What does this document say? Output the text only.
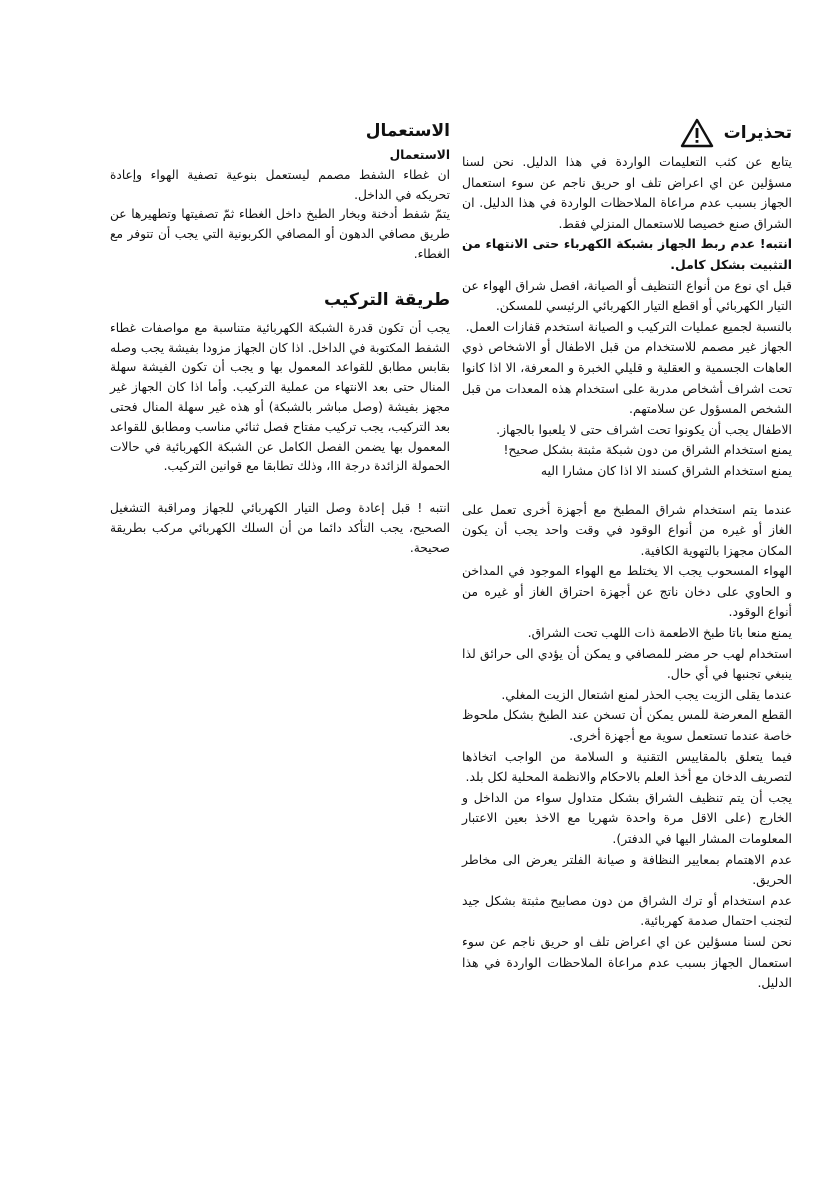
تحذيرات

يتابع عن كثب التعليمات الواردة في هذا الدليل. نحن لسنا مسؤلين عن اي اعراض تلف او حريق ناجم عن سوء استعمال الجهاز بسبب عدم مراعاة الملاحظات الواردة في هذا الدليل. ان الشراق صنع خصيصا للاستعمال المنزلي فقط.

انتبه! عدم ربط الجهاز بشبكة الكهرباء حتى الانتهاء من التثبيت بشكل كامل.

قبل اي نوع من أنواع التنظيف أو الصيانة، افصل شراق الهواء عن التيار الكهربائي أو اقطع التيار الكهربائي الرئيسي للمسكن.

بالنسبة لجميع عمليات التركيب و الصيانة استخدم قفازات العمل.

الجهاز غير مصمم للاستخدام من قبل الاطفال أو الاشخاص ذوي العاهات الجسمية و العقلية و قليلي الخبرة و المعرفة، الا اذا كانوا تحت اشراف أشخاص مدربة على استخدام هذه المعدات من قبل الشخص المسؤول عن سلامتهم.

الاطفال يجب أن يكونوا تحت اشراف حتى لا يلعبوا بالجهاز.

يمنع استخدام الشراق من دون شبكة مثبتة بشكل صحيح!

يمنع استخدام الشراق كسند الا اذا كان مشارا اليه

عندما يتم استخدام شراق المطبخ مع أجهزة أخرى تعمل على الغاز أو غيره من أنواع الوقود في وقت واحد يجب أن يكون المكان مجهزا بالتهوية الكافية.

الهواء المسحوب يجب الا يختلط مع الهواء الموجود في المداخن و الحاوي على دخان ناتج عن أجهزة احتراق الغاز أو غيره من أنواع الوقود.

يمنع منعا باتا طبخ الاطعمة ذات اللهب تحت الشراق.

استخدام لهب حر مضر للمصافي و يمكن أن يؤدي الى حرائق لذا ينبغي تجنبها في أي حال.

عندما يقلى الزيت يجب الحذر لمنع اشتعال الزيت المغلي.

القطع المعرضة للمس يمكن أن تسخن عند الطبخ بشكل ملحوظ خاصة عندما تستعمل سوية مع أجهزة أخرى.

فيما يتعلق بالمقاييس التقنية و السلامة من الواجب اتخاذها لتصريف الدخان مع أخذ العلم بالاحكام والانظمة المحلية لكل بلد.

يجب أن يتم تنظيف الشراق بشكل متداول سواء من الداخل و الخارج (على الاقل مرة واحدة شهريا مع الاخذ بعين الاعتبار المعلومات المشار اليها في الدفتر).

عدم الاهتمام بمعايير النظافة و صيانة الفلتر يعرض الى مخاطر الحريق.

عدم استخدام أو ترك الشراق من دون مصابيح مثبتة بشكل جيد لتجنب احتمال صدمة كهربائية.

نحن لسنا مسؤلين عن اي اعراض تلف او حريق ناجم عن سوء استعمال الجهاز بسبب عدم مراعاة الملاحظات الواردة في هذا الدليل.

الاستعمال

الاستعمال

ان غطاء الشفط مصمم ليستعمل بنوعية تصفية الهواء وإعادة تحريكه في الداخل.

يتمّ شفط أدخنة وبخار الطبخ داخل الغطاء ثمّ تصفيتها وتطهيرها عن طريق مصافي الدهون أو المصافي الكربونية التي يجب أن تتوفر مع الغطاء.

طريقة التركيب

يجب أن تكون قدرة الشبكة الكهربائية متناسبة مع مواصفات غطاء الشفط المكتوبة في الداخل. اذا كان الجهاز مزودا بفيشة يجب وصله بقابس مطابق للقواعد المعمول بها و يجب أن تكون الفيشة سهلة المنال حتى بعد الانتهاء من عملية التركيب. وأما اذا كان الجهاز غير مجهز بفيشة (وصل مباشر بالشبكة) أو هذه غير سهلة المنال فحتى بعد التركيب، يجب تركيب مفتاح فصل ثنائي مناسب ومطابق للقواعد المعمول بها يضمن الفصل الكامل عن الشبكة الكهربائية في حالات الحمولة الزائدة درجة III، وذلك تطابقا مع قوانين التركيب.

انتبه ! قبل إعادة وصل التيار الكهربائي للجهاز ومراقبة التشغيل الصحيح، يجب التأكد دائما من أن السلك الكهربائي مركب بطريقة صحيحة.
